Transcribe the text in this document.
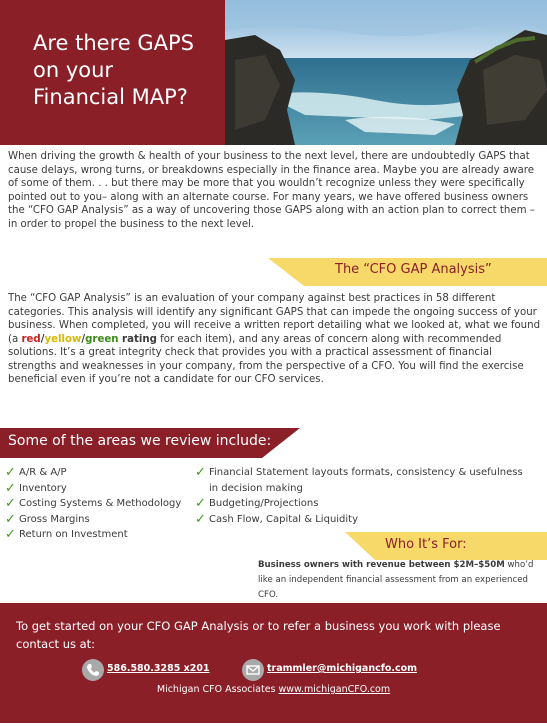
Are there GAPS
on your
Financial MAP?
When driving the growth & health of your business to the next level, there are undoubtedly GAPS that cause delays, wrong turns, or breakdowns especially in the finance area. Maybe you are already aware of some of them. . . but there may be more that you wouldn’t recognize unless they were specifically pointed out to you– along with an alternate course. For many years, we have offered business owners the “CFO GAP Analysis” as a way of uncovering those GAPS along with an action plan to correct them – in order to propel the business to the next level.
The “CFO GAP Analysis”
The “CFO GAP Analysis” is an evaluation of your company against best practices in 58 different categories. This analysis will identify any significant GAPS that can impede the ongoing success of your business. When completed, you will receive a written report detailing what we looked at, what we found (a red/yellow/green rating for each item), and any areas of concern along with recommended solutions. It’s a great integrity check that provides you with a practical assessment of financial strengths and weaknesses in your company, from the perspective of a CFO. You will find the exercise beneficial even if you’re not a candidate for our CFO services.
Some of the areas we review include:
✓ A/R & A/P
✓ Inventory
✓ Costing Systems & Methodology
✓ Gross Margins
✓ Return on Investment
✓ Financial Statement layouts formats, consistency & usefulness
in decision making
✓ Budgeting/Projections
✓ Cash Flow, Capital & Liquidity
Who It’s For:
Business owners with revenue between $2M–$50M who’d like an independent financial assessment from an experienced CFO.

To get started on your CFO GAP Analysis or to refer a business you work with please contact us at:
586.580.3285 x201	trammler@michigancfo.com
Michigan CFO Associates www.michiganCFO.com
